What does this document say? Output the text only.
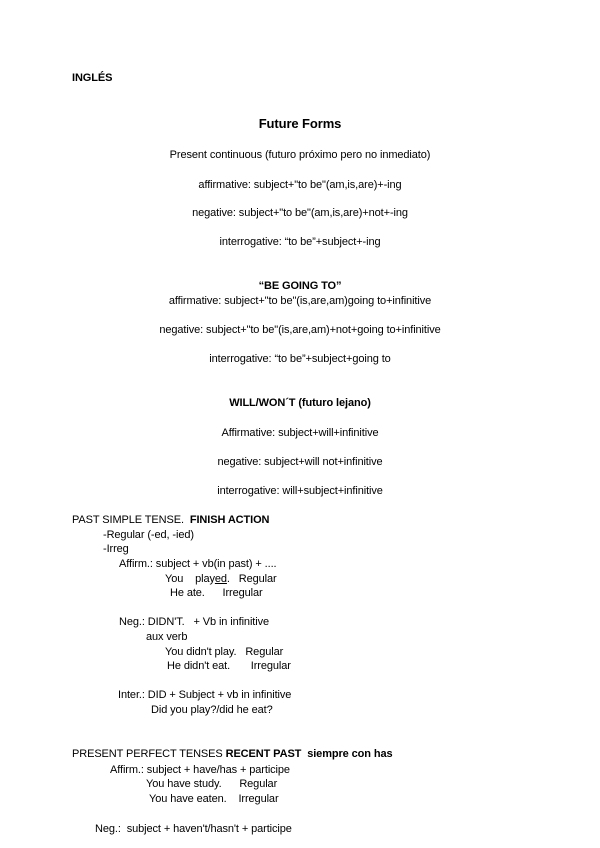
INGLÉS
Future Forms
Present continuous (futuro próximo pero no inmediato)
affirmative: subject+"to be"(am,is,are)+-ing
negative: subject+"to be"(am,is,are)+not+-ing
interrogative: “to be”+subject+-ing
“BE GOING TO”
affirmative: subject+"to be"(is,are,am)going to+infinitive
negative: subject+"to be"(is,are,am)+not+going to+infinitive
interrogative: “to be”+subject+going to
WILL/WON´T (futuro lejano)
Affirmative: subject+will+infinitive
negative: subject+will not+infinitive
interrogative: will+subject+infinitive
PAST SIMPLE TENSE. FINISH ACTION
-Regular (-ed, -ied)
-Irreg
Affirm.: subject + vb(in past) + ....
You played.   Regular
He ate. Irregular
Neg.: DIDN'T.   + Vb in infinitive
aux verb
You didn't play. Regular
He didn't eat. Irregular
Inter.: DID + Subject + vb in infinitive
Did you play?/did he eat?
PRESENT PERFECT TENSES RECENT PAST  siempre con has
Affirm.: subject + have/has + participe
You have study. Regular
You have eaten. Irregular
Neg.:  subject + haven't/hasn't + participe
